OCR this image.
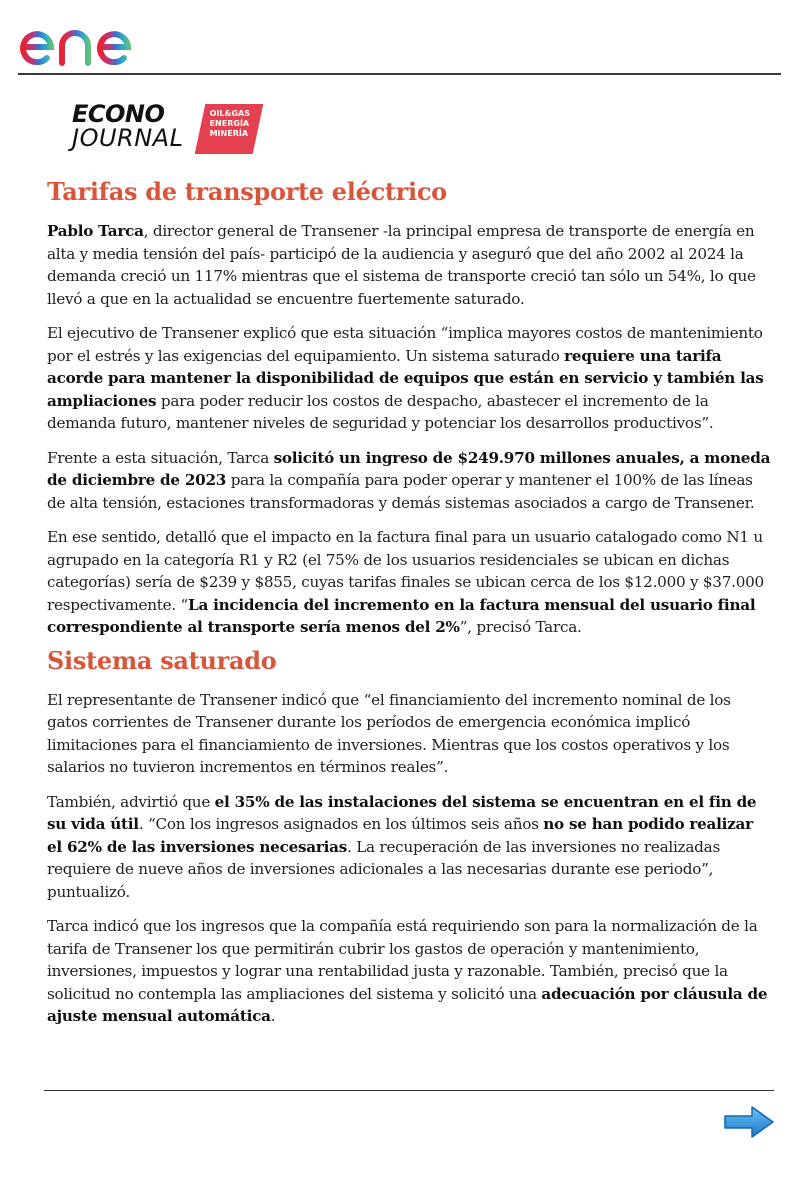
enel
ECONO
JOURNAL
OIL&GAS
ENERGÍA
MINERÍA
Tarifas de transporte eléctrico

Pablo Tarca, director general de Transener -la principal empresa de transporte de energía en alta y media tensión del país- participó de la audiencia y aseguró que del año 2002 al 2024 la demanda creció un 117% mientras que el sistema de transporte creció tan sólo un 54%, lo que llevó a que en la actualidad se encuentre fuertemente saturado.

El ejecutivo de Transener explicó que esta situación “implica mayores costos de mantenimiento por el estrés y las exigencias del equipamiento. Un sistema saturado requiere una tarifa acorde para mantener la disponibilidad de equipos que están en servicio y también las ampliaciones para poder reducir los costos de despacho, abastecer el incremento de la demanda futuro, mantener niveles de seguridad y potenciar los desarrollos productivos”.

Frente a esta situación, Tarca solicitó un ingreso de $249.970 millones anuales, a moneda de diciembre de 2023 para la compañía para poder operar y mantener el 100% de las líneas de alta tensión, estaciones transformadoras y demás sistemas asociados a cargo de Transener.

En ese sentido, detalló que el impacto en la factura final para un usuario catalogado como N1 u agrupado en la categoría R1 y R2 (el 75% de los usuarios residenciales se ubican en dichas categorías) sería de $239 y $855, cuyas tarifas finales se ubican cerca de los $12.000 y $37.000 respectivamente. “La incidencia del incremento en la factura mensual del usuario final correspondiente al transporte sería menos del 2%”, precisó Tarca.

Sistema saturado

El representante de Transener indicó que “el financiamiento del incremento nominal de los gatos corrientes de Transener durante los períodos de emergencia económica implicó limitaciones para el financiamiento de inversiones. Mientras que los costos operativos y los salarios no tuvieron incrementos en términos reales”.

También, advirtió que el 35% de las instalaciones del sistema se encuentran en el fin de su vida útil. “Con los ingresos asignados en los últimos seis años no se han podido realizar el 62% de las inversiones necesarias. La recuperación de las inversiones no realizadas requiere de nueve años de inversiones adicionales a las necesarias durante ese periodo”, puntualizó.

Tarca indicó que los ingresos que la compañía está requiriendo son para la normalización de la tarifa de Transener los que permitirán cubrir los gastos de operación y mantenimiento, inversiones, impuestos y lograr una rentabilidad justa y razonable. También, precisó que la solicitud no contempla las ampliaciones del sistema y solicitó una adecuación por cláusula de ajuste mensual automática.
